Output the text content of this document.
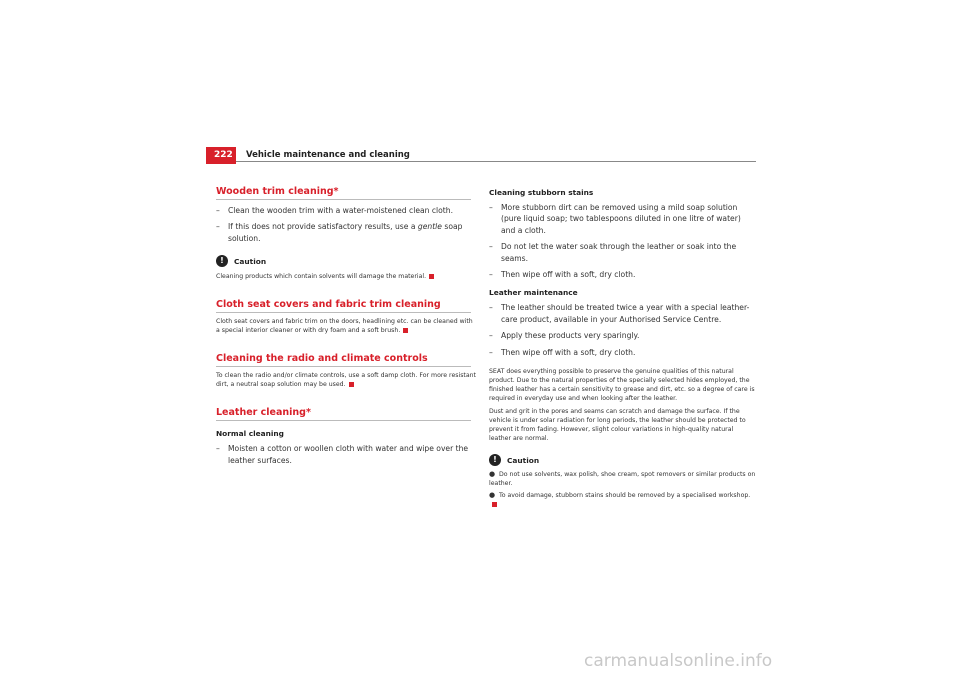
222	Vehicle maintenance and cleaning
Wooden trim cleaning*

– Clean the wooden trim with a water-moistened clean cloth.

– If this does not provide satisfactory results, use a gentle soap solution.

!	Caution

Cleaning products which contain solvents will damage the material.

Cloth seat covers and fabric trim cleaning

Cloth seat covers and fabric trim on the doors, headlining etc. can be cleaned with a special interior cleaner or with dry foam and a soft brush.

Cleaning the radio and climate controls

To clean the radio and/or climate controls, use a soft damp cloth. For more resistant dirt, a neutral soap solution may be used.

Leather cleaning*

Normal cleaning

– Moisten a cotton or woollen cloth with water and wipe over the leather surfaces.

Cleaning stubborn stains

– More stubborn dirt can be removed using a mild soap solution (pure liquid soap; two tablespoons diluted in one litre of water) and a cloth.

– Do not let the water soak through the leather or soak into the seams.

– Then wipe off with a soft, dry cloth.

Leather maintenance

– The leather should be treated twice a year with a special leather-care product, available in your Authorised Service Centre.

– Apply these products very sparingly.

– Then wipe off with a soft, dry cloth.

SEAT does everything possible to preserve the genuine qualities of this natural product. Due to the natural properties of the specially selected hides employed, the finished leather has a certain sensitivity to grease and dirt, etc. so a degree of care is required in everyday use and when looking after the leather.

Dust and grit in the pores and seams can scratch and damage the surface. If the vehicle is under solar radiation for long periods, the leather should be protected to prevent it from fading. However, slight colour variations in high-quality natural leather are normal.

!	Caution

● Do not use solvents, wax polish, shoe cream, spot removers or similar products on leather.

● To avoid damage, stubborn stains should be removed by a specialised workshop.

carmanualsonline.info
